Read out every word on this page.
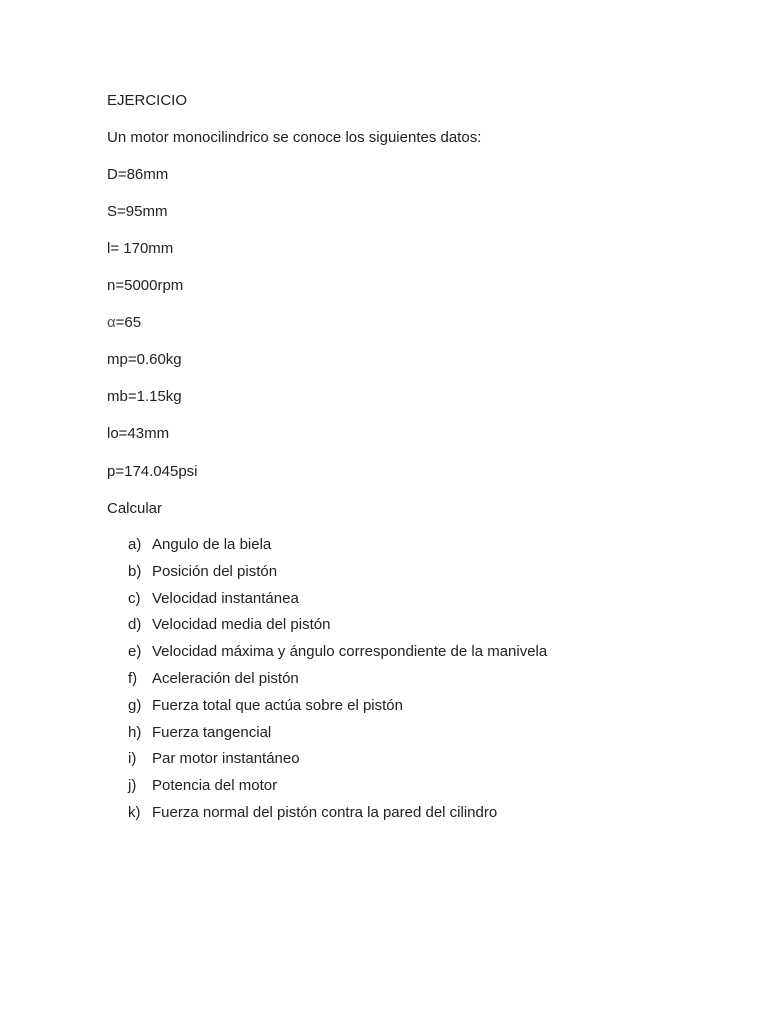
EJERCICIO
Un motor monocilindrico se conoce los siguientes datos:
D=86mm
S=95mm
l= 170mm
n=5000rpm
α=65
mp=0.60kg
mb=1.15kg
lo=43mm
p=174.045psi
Calcular
a) Angulo de la biela
b) Posición del pistón
c) Velocidad instantánea
d) Velocidad media del pistón
e) Velocidad máxima y ángulo correspondiente de la manivela
f) Aceleración del pistón
g) Fuerza total que actúa sobre el pistón
h) Fuerza tangencial
i) Par motor instantáneo
j) Potencia del motor
k) Fuerza normal del pistón contra la pared del cilindro
